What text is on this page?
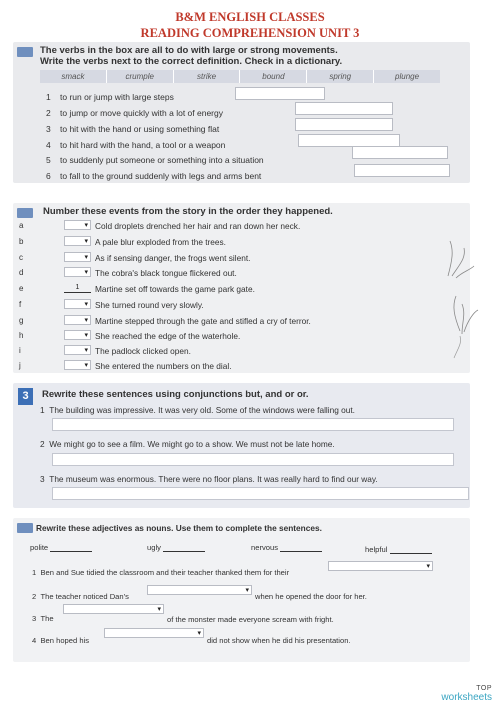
B&M ENGLISH CLASSES
READING COMPREHENSION UNIT 3
The verbs in the box are all to do with large or strong movements.
Write the verbs next to the correct definition. Check in a dictionary.
smack	crumple	strike	bound	spring	plunge
1 to run or jump with large steps
2 to jump or move quickly with a lot of energy
3 to hit with the hand or using something flat
4 to hit hard with the hand, a tool or a weapon
5 to suddenly put someone or something into a situation
6 to fall to the ground suddenly with legs and arms bent
Number these events from the story in the order they happened.
a	▾ Cold droplets drenched her hair and ran down her neck.
b	▾ A pale blur exploded from the trees.
c	▾ As if sensing danger, the frogs went silent.
d	▾ The cobra's black tongue flickered out.
e	1	Martine set off towards the game park gate.
f	▾ She turned round very slowly.
g	▾ Martine stepped through the gate and stifled a cry of terror.
h	▾ She reached the edge of the waterhole.
i	▾ The padlock clicked open.
j	▾ She entered the numbers on the dial.
3	Rewrite these sentences using conjunctions but, and or or.
1 The building was impressive. It was very old. Some of the windows were falling out.
2 We might go to see a film. We might go to a show. We must not be late home.
3 The museum was enormous. There were no floor plans. It was really hard to find our way.
Rewrite these adjectives as nouns. Use them to complete the sentences.
polite	ugly	nervous	helpful
1 Ben and Sue tidied the classroom and their teacher thanked them for their
▾
2 The teacher noticed Dan's
▾
when he opened the door for her.
3 The
▾
of the monster made everyone scream with fright.
4 Ben hoped his
▾
did not show when he did his presentation.
TOP
worksheets
